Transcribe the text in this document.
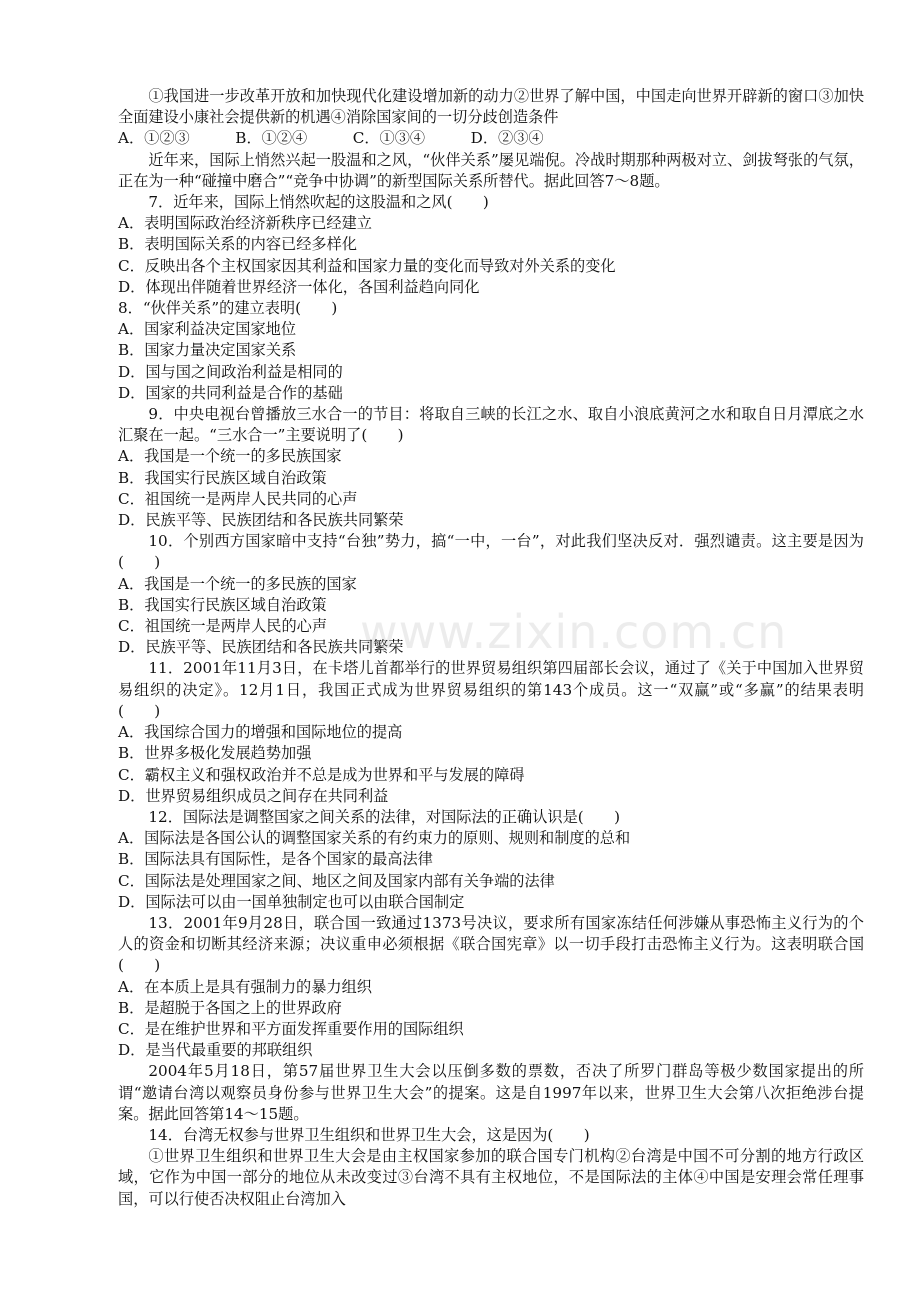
①我国进一步改革开放和加快现代化建设增加新的动力②世界了解中国，中国走向世界开辟新的窗口③加快全面建设小康社会提供新的机遇④消除国家间的一切分歧创造条件

A．①②③　　　B．①②④　　　C．①③④　　　D．②③④

近年来，国际上悄然兴起一股温和之风，“伙伴关系”屡见端倪。冷战时期那种两极对立、剑拔弩张的气氛，正在为一种“碰撞中磨合”“竞争中协调”的新型国际关系所替代。据此回答7～8题。

7．近年来，国际上悄然吹起的这股温和之风(　　)

A．表明国际政治经济新秩序已经建立

B．表明国际关系的内容已经多样化

C．反映出各个主权国家因其利益和国家力量的变化而导致对外关系的变化

D．体现出伴随着世界经济一体化，各国利益趋向同化

8．“伙伴关系”的建立表明(　　)

A．国家利益决定国家地位

B．国家力量决定国家关系

D．国与国之间政治利益是相同的

D．国家的共同利益是合作的基础

9．中央电视台曾播放三水合一的节目：将取自三峡的长江之水、取自小浪底黄河之水和取自日月潭底之水汇聚在一起。“三水合一”主要说明了(　　)

A．我国是一个统一的多民族国家

B．我国实行民族区域自治政策

C．祖国统一是两岸人民共同的心声

D．民族平等、民族团结和各民族共同繁荣

10．个别西方国家暗中支持“台独”势力，搞“一中，一台”，对此我们坚决反对．强烈谴责。这主要是因为(　　)

A．我国是一个统一的多民族的国家

B．我国实行民族区域自治政策

C．祖国统一是两岸人民的心声

D．民族平等、民族团结和各民族共同繁荣

11．2001年11月3日，在卡塔儿首都举行的世界贸易组织第四届部长会议，通过了《关于中国加入世界贸易组织的决定》。12月1日，我国正式成为世界贸易组织的第143个成员。这一“双赢”或“多赢”的结果表明(　　)

A．我国综合国力的增强和国际地位的提高

B．世界多极化发展趋势加强

C．霸权主义和强权政治并不总是成为世界和平与发展的障碍

D．世界贸易组织成员之间存在共同利益

12．国际法是调整国家之间关系的法律，对国际法的正确认识是(　　)

A．国际法是各国公认的调整国家关系的有约束力的原则、规则和制度的总和

B．国际法具有国际性，是各个国家的最高法律

C．国际法是处理国家之间、地区之间及国家内部有关争端的法律

D．国际法可以由一国单独制定也可以由联合国制定

13．2001年9月28日，联合国一致通过1373号决议，要求所有国家冻结任何涉嫌从事恐怖主义行为的个人的资金和切断其经济来源；决议重申必须根据《联合国宪章》以一切手段打击恐怖主义行为。这表明联合国(　　)

A．在本质上是具有强制力的暴力组织

B．是超脱于各国之上的世界政府

C．是在维护世界和平方面发挥重要作用的国际组织

D．是当代最重要的邦联组织

2004年5月18日，第57届世界卫生大会以压倒多数的票数，否决了所罗门群岛等极少数国家提出的所谓“邀请台湾以观察员身份参与世界卫生大会”的提案。这是自1997年以来，世界卫生大会第八次拒绝涉台提案。据此回答第14～15题。

14．台湾无权参与世界卫生组织和世界卫生大会，这是因为(　　)

①世界卫生组织和世界卫生大会是由主权国家参加的联合国专门机构②台湾是中国不可分割的地方行政区域，它作为中国一部分的地位从未改变过③台湾不具有主权地位，不是国际法的主体④中国是安理会常任理事国，可以行使否决权阻止台湾加入

www.zixin.com.cn
